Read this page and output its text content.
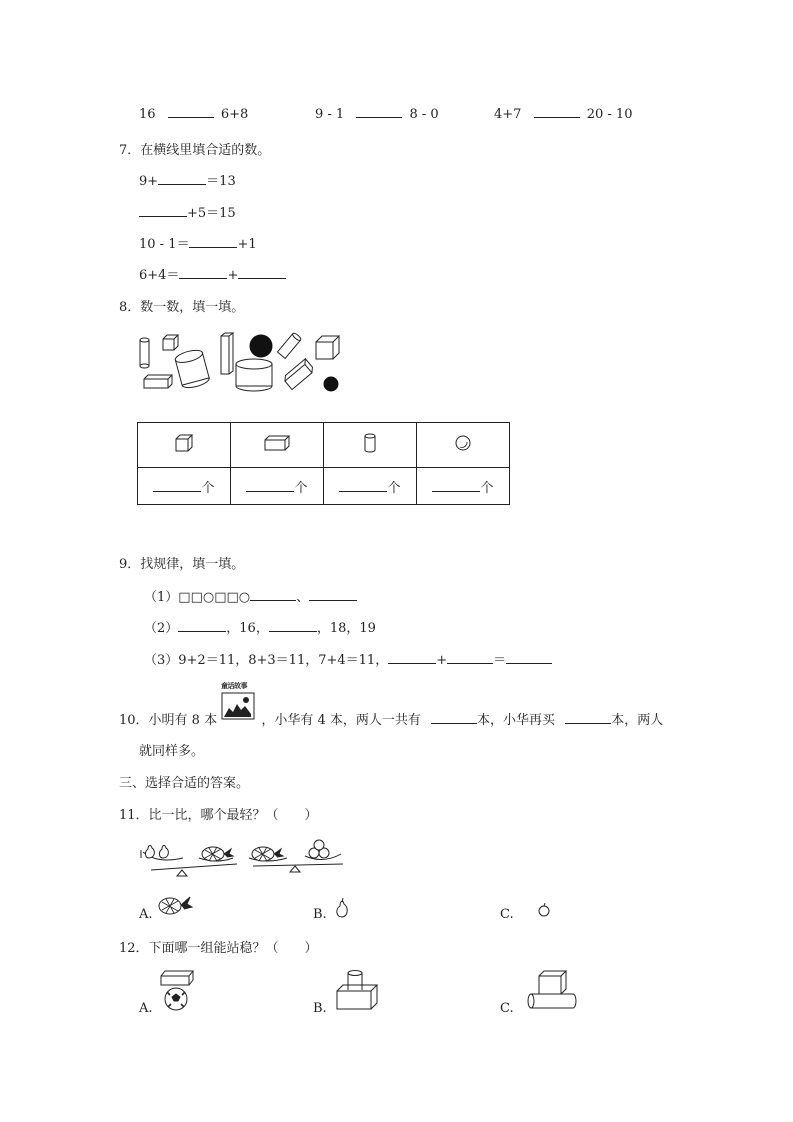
16	6+8	9 - 1	8 - 0	4+7	20 - 10
7．在横线里填合适的数。
9+	＝13
+5＝15
10 - 1＝	+1
6+4＝	+
8．数一数，填一填。

个	个	个	个
9．找规律，填一填。
（1）□□○□□○	、
（2）	，16，	，18，19
（3）9+2＝11，8+3＝11，7+4＝11，	+	＝
10．小明有 8 本	，小华有 4 本，两人一共有	本，小华再买	本，两人
童话故事
就同样多。
三、选择合适的答案。
11．比一比，哪个最轻？（　　）
A.	B.	C.
12．下面哪一组能站稳？（　　）
A.	B.	C.
